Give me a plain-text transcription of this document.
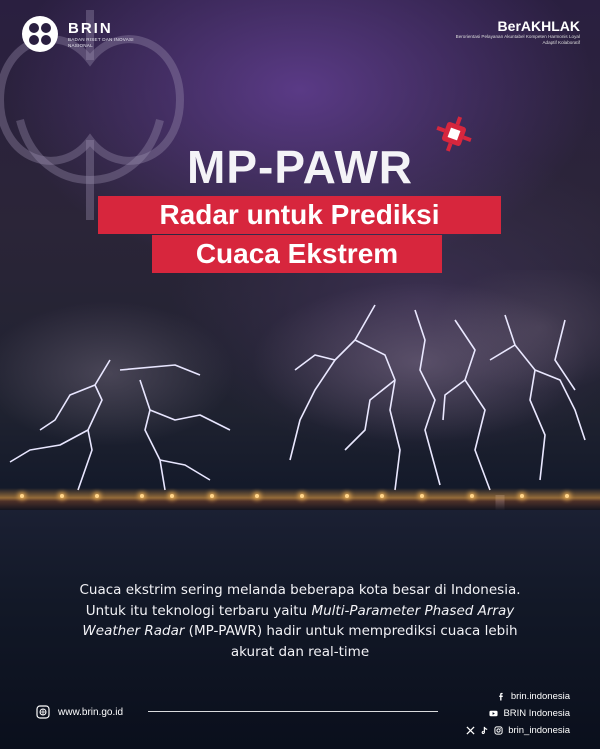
BRIN
BADAN RISET DAN INOVASI NASIONAL
BerAKHLAK
Berorientasi Pelayanan Akuntabel Kompeten Harmonis Loyal Adaptif Kolaboratif
MP-PAWR
Radar untuk Prediksi
Cuaca Ekstrem
Cuaca ekstrim sering melanda beberapa kota besar di Indonesia.
Untuk itu teknologi terbaru yaitu Multi-Parameter Phased Array
Weather Radar (MP-PAWR) hadir untuk memprediksi cuaca lebih
akurat dan real-time
www.brin.go.id
brin.indonesia
BRIN Indonesia
brin_indonesia
